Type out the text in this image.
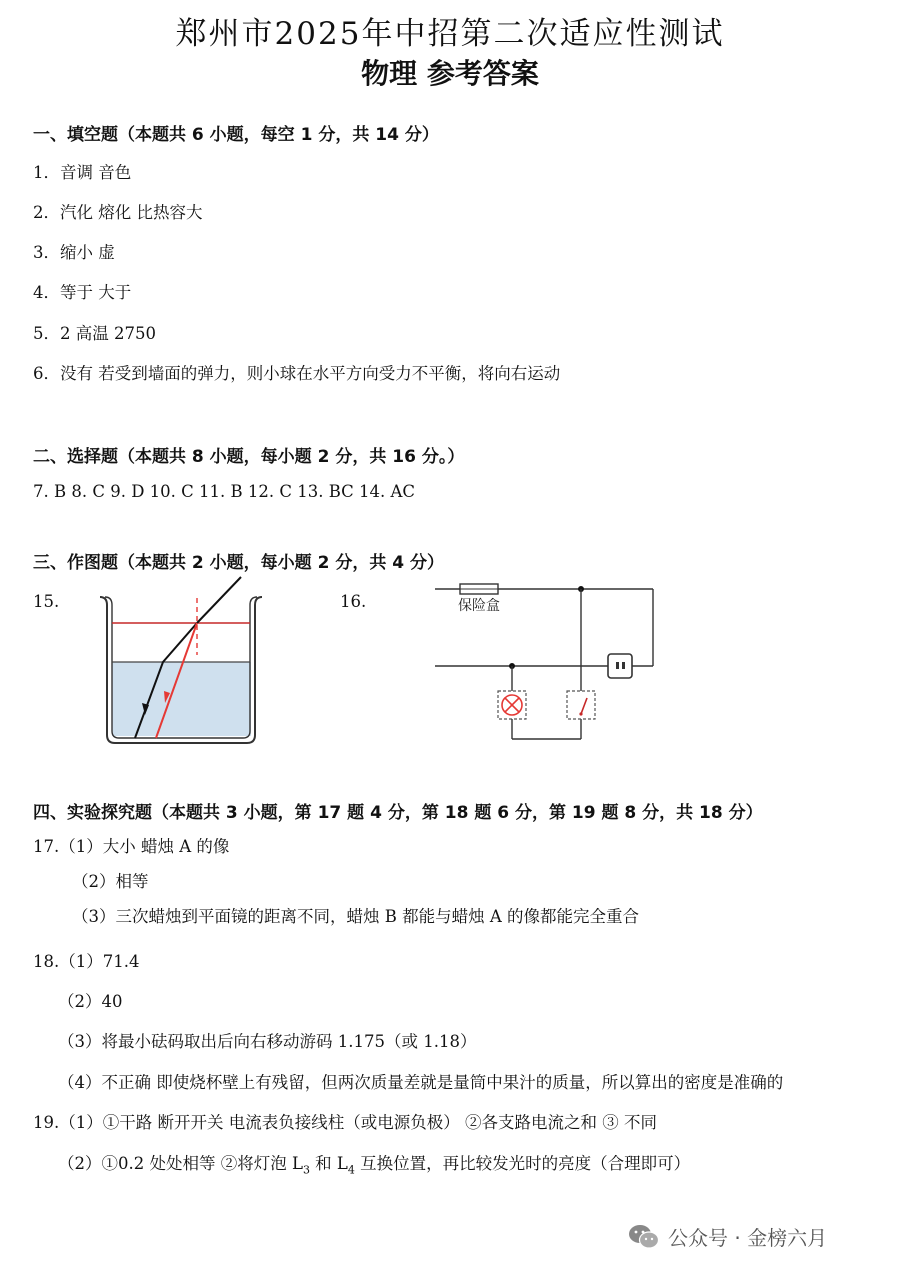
郑州市2025年中招第二次适应性测试
物理 参考答案
一、填空题（本题共 6 小题，每空 1 分，共 14 分）
1．音调 音色
2．汽化 熔化 比热容大
3．缩小 虚
4．等于 大于
5．2 高温 2750
6．没有 若受到墙面的弹力，则小球在水平方向受力不平衡，将向右运动
二、选择题（本题共 8 小题，每小题 2 分，共 16 分。）
7. B 8. C 9. D 10. C 11. B 12. C 13. BC 14. AC
三、作图题（本题共 2 小题，每小题 2 分，共 4 分）
15.	16.	保险盒
四、实验探究题（本题共 3 小题，第 17 题 4 分，第 18 题 6 分，第 19 题 8 分，共 18 分）
17.（1）大小 蜡烛 A 的像
（2）相等
（3）三次蜡烛到平面镜的距离不同，蜡烛 B 都能与蜡烛 A 的像都能完全重合
18.（1）71.4
（2）40
（3）将最小砝码取出后向右移动游码 1.175（或 1.18）
（4）不正确 即使烧杯壁上有残留，但两次质量差就是量筒中果汁的质量，所以算出的密度是准确的
19.（1）①干路 断开开关 电流表负接线柱（或电源负极） ②各支路电流之和 ③ 不同
（2）①0.2 处处相等 ②将灯泡 $L_3$ 和 $L_4$ 互换位置，再比较发光时的亮度（合理即可）
公众号 · 金榜六月
